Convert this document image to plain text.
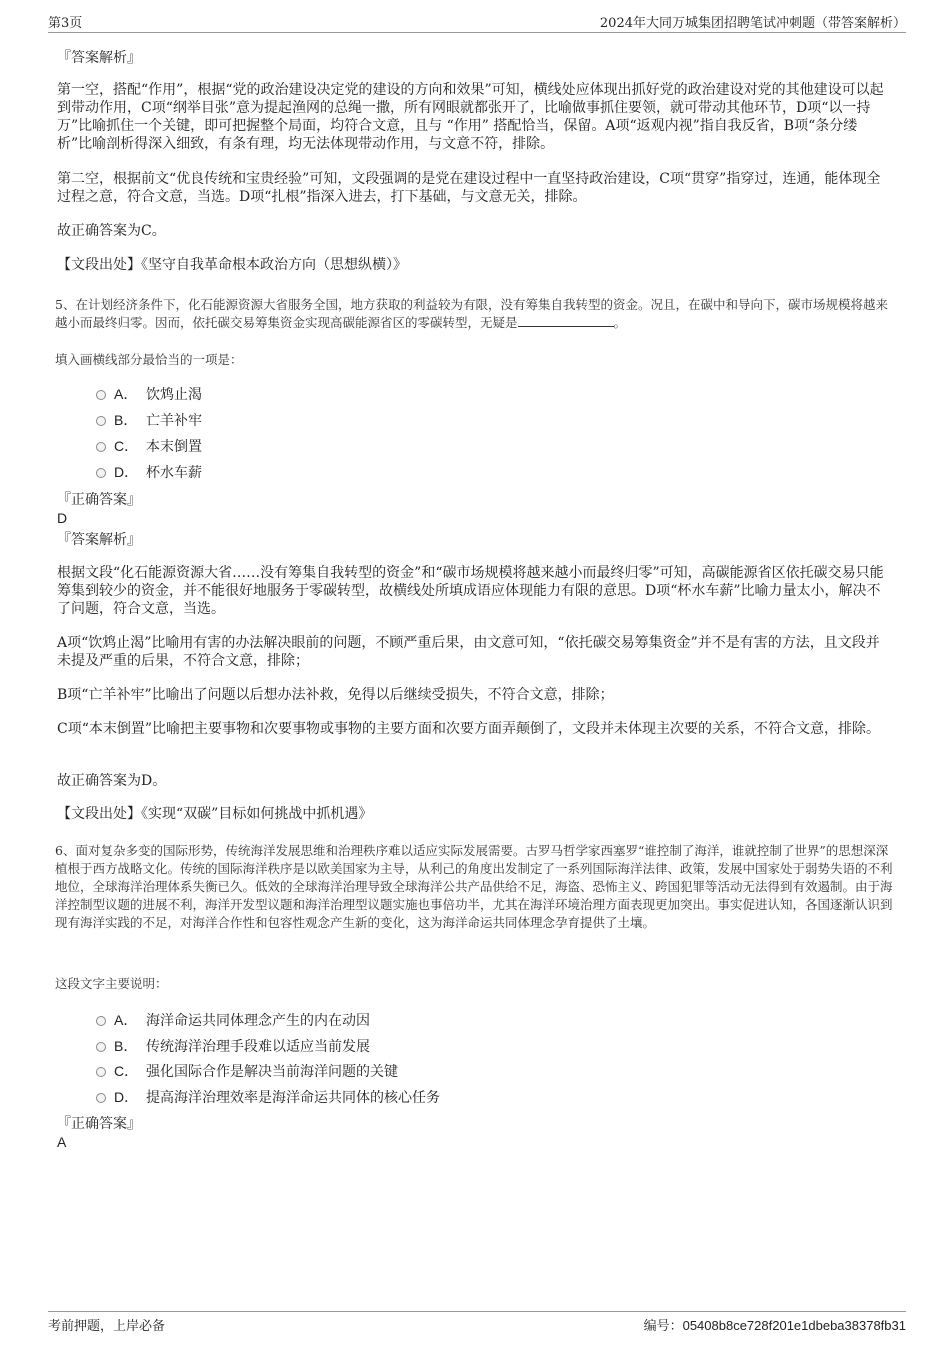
第3页	2024年大同万城集团招聘笔试冲刺题（带答案解析）
『答案解析』
第一空，搭配“作用”，根据“党的政治建设决定党的建设的方向和效果”可知，横线处应体现出抓好党的政治建设对党的其他建设可以起到带动作用，C项“纲举目张”意为提起渔网的总绳一撒，所有网眼就都张开了，比喻做事抓住要领，就可带动其他环节，D项“以一持万”比喻抓住一个关键，即可把握整个局面，均符合文意，且与 “作用” 搭配恰当，保留。A项“返观内视”指自我反省，B项“条分缕析”比喻剖析得深入细致，有条有理，均无法体现带动作用，与文意不符，排除。
第二空，根据前文“优良传统和宝贵经验”可知，文段强调的是党在建设过程中一直坚持政治建设，C项“贯穿”指穿过，连通，能体现全过程之意，符合文意，当选。D项“扎根”指深入进去，打下基础，与文意无关，排除。
故正确答案为C。
【文段出处】《坚守自我革命根本政治方向（思想纵横）》
5、在计划经济条件下，化石能源资源大省服务全国，地方获取的利益较为有限，没有筹集自我转型的资金。况且，在碳中和导向下，碳市场规模将越来越小而最终归零。因而，依托碳交易筹集资金实现高碳能源省区的零碳转型，无疑是	。
填入画横线部分最恰当的一项是：
A． 饮鸩止渴
B． 亡羊补牢
C． 本末倒置
D． 杯水车薪
『正确答案』
D
『答案解析』
根据文段“化石能源资源大省……没有筹集自我转型的资金”和“碳市场规模将越来越小而最终归零”可知，高碳能源省区依托碳交易只能筹集到较少的资金，并不能很好地服务于零碳转型，故横线处所填成语应体现能力有限的意思。D项“杯水车薪”比喻力量太小，解决不了问题，符合文意，当选。
A项“饮鸩止渴”比喻用有害的办法解决眼前的问题，不顾严重后果，由文意可知，“依托碳交易筹集资金”并不是有害的方法，且文段并未提及严重的后果，不符合文意，排除；
B项“亡羊补牢”比喻出了问题以后想办法补救，免得以后继续受损失，不符合文意，排除；
C项“本末倒置”比喻把主要事物和次要事物或事物的主要方面和次要方面弄颠倒了，文段并未体现主次要的关系，不符合文意，排除。
故正确答案为D。
【文段出处】《实现“双碳”目标如何挑战中抓机遇》
6、面对复杂多变的国际形势，传统海洋发展思维和治理秩序难以适应实际发展需要。古罗马哲学家西塞罗“谁控制了海洋，谁就控制了世界”的思想深深植根于西方战略文化。传统的国际海洋秩序是以欧美国家为主导，从利己的角度出发制定了一系列国际海洋法律、政策，发展中国家处于弱势失语的不利地位，全球海洋治理体系失衡已久。低效的全球海洋治理导致全球海洋公共产品供给不足，海盗、恐怖主义、跨国犯罪等活动无法得到有效遏制。由于海洋控制型议题的进展不利，海洋开发型议题和海洋治理型议题实施也事倍功半，尤其在海洋环境治理方面表现更加突出。事实促进认知，各国逐渐认识到现有海洋实践的不足，对海洋合作性和包容性观念产生新的变化，这为海洋命运共同体理念孕育提供了土壤。
这段文字主要说明：
A． 海洋命运共同体理念产生的内在动因
B． 传统海洋治理手段难以适应当前发展
C． 强化国际合作是解决当前海洋问题的关键
D． 提高海洋治理效率是海洋命运共同体的核心任务
『正确答案』
A
考前押题，上岸必备	编号：05408b8ce728f201e1dbeba38378fb31
